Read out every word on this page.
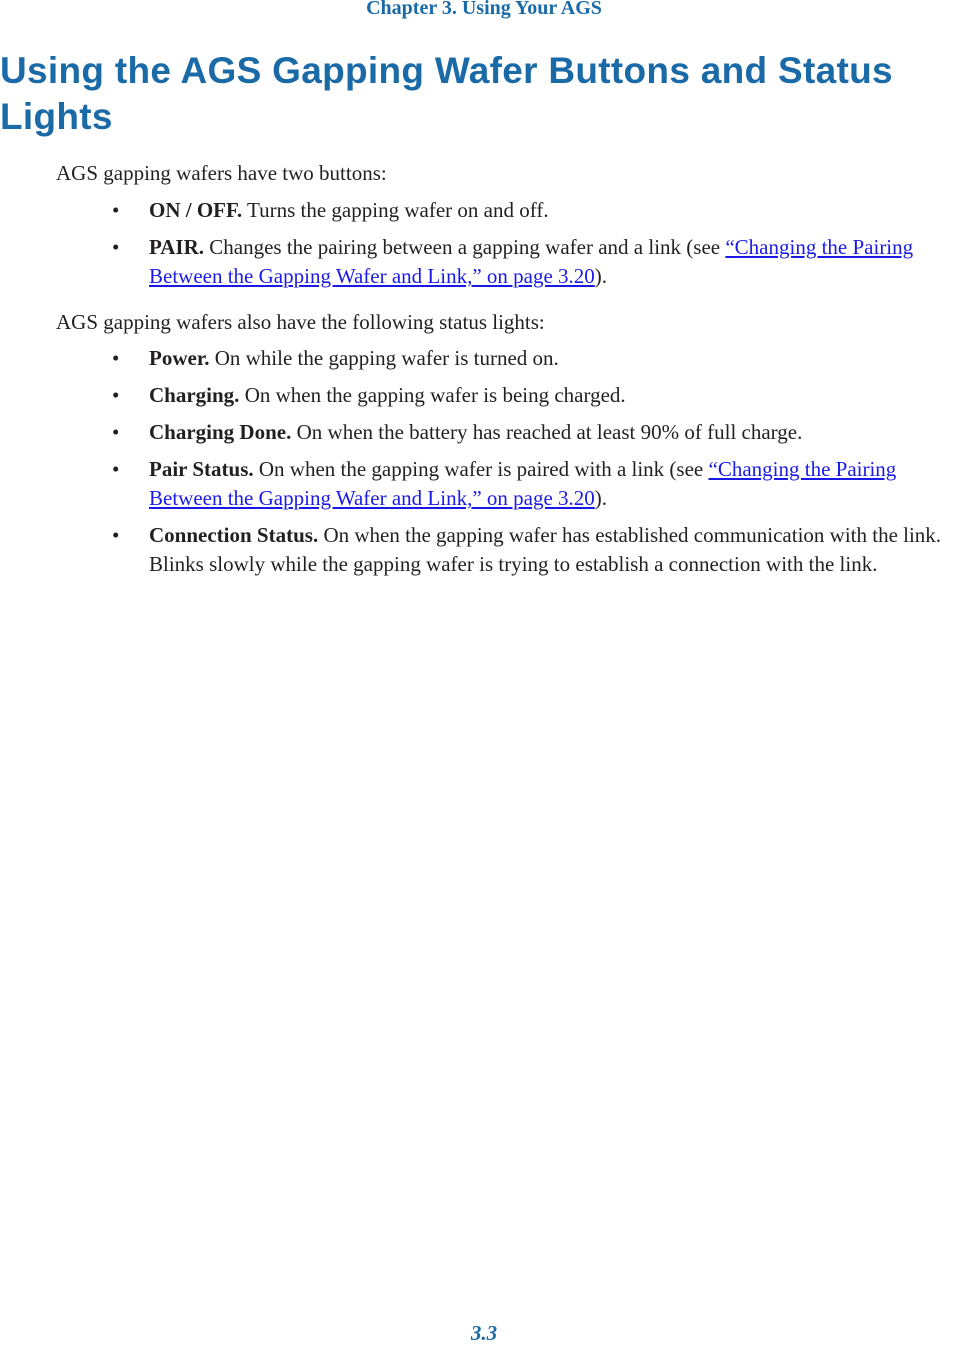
Chapter 3. Using Your AGS
Using the AGS Gapping Wafer Buttons and Status Lights

AGS gapping wafers have two buttons:

• ON / OFF. Turns the gapping wafer on and off.
• PAIR. Changes the pairing between a gapping wafer and a link (see “Changing the Pairing Between the Gapping Wafer and Link,” on page 3.20).

AGS gapping wafers also have the following status lights:

• Power. On while the gapping wafer is turned on.
• Charging. On when the gapping wafer is being charged.
• Charging Done. On when the battery has reached at least 90% of full charge.
• Pair Status. On when the gapping wafer is paired with a link (see “Changing the Pairing Between the Gapping Wafer and Link,” on page 3.20).
• Connection Status. On when the gapping wafer has established communication with the link. Blinks slowly while the gapping wafer is trying to establish a connection with the link.
3.3
